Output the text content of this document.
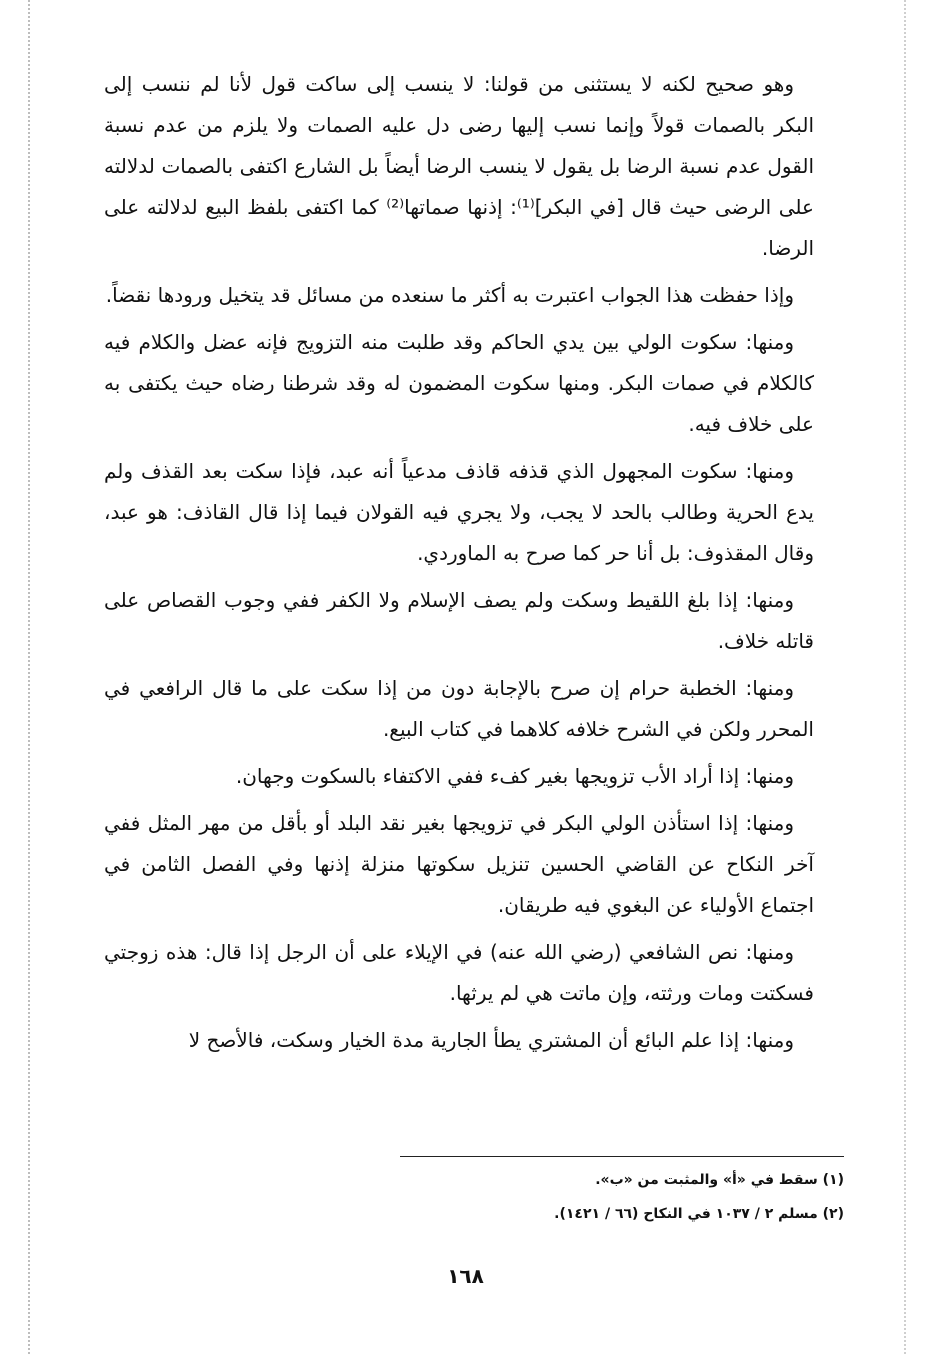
وهو صحيح لكنه لا يستثنى من قولنا: لا ينسب إلى ساكت قول لأنا لم ننسب إلى البكر بالصمات قولاً وإنما نسب إليها رضى دل عليه الصمات ولا يلزم من عدم نسبة القول عدم نسبة الرضا بل يقول لا ينسب الرضا أيضاً بل الشارع اكتفى بالصمات لدلالته على الرضى حيث قال [في البكر]⁽¹⁾: إذنها صماتها⁽²⁾ كما اكتفى بلفظ البيع لدلالته على الرضا.

وإذا حفظت هذا الجواب اعتبرت به أكثر ما سنعده من مسائل قد يتخيل ورودها نقضاً.

ومنها: سكوت الولي بين يدي الحاكم وقد طلبت منه التزويج فإنه عضل والكلام فيه كالكلام في صمات البكر. ومنها سكوت المضمون له وقد شرطنا رضاه حيث يكتفى به على خلاف فيه.

ومنها: سكوت المجهول الذي قذفه قاذف مدعياً أنه عبد، فإذا سكت بعد القذف ولم يدع الحرية وطالب بالحد لا يجب، ولا يجري فيه القولان فيما إذا قال القاذف: هو عبد، وقال المقذوف: بل أنا حر كما صرح به الماوردي.

ومنها: إذا بلغ اللقيط وسكت ولم يصف الإسلام ولا الكفر ففي وجوب القصاص على قاتله خلاف.

ومنها: الخطبة حرام إن صرح بالإجابة دون من إذا سكت على ما قال الرافعي في المحرر ولكن في الشرح خلافه كلاهما في كتاب البيع.

ومنها: إذا أراد الأب تزويجها بغير كفء ففي الاكتفاء بالسكوت وجهان.

ومنها: إذا استأذن الولي البكر في تزويجها بغير نقد البلد أو بأقل من مهر المثل ففي آخر النكاح عن القاضي الحسين تنزيل سكوتها منزلة إذنها وفي الفصل الثامن في اجتماع الأولياء عن البغوي فيه طريقان.

ومنها: نص الشافعي (رضي الله عنه) في الإيلاء على أن الرجل إذا قال: هذه زوجتي فسكتت ومات ورثته، وإن ماتت هي لم يرثها.

ومنها: إذا علم البائع أن المشتري يطأ الجارية مدة الخيار وسكت، فالأصح لا

(١) سقط في «أ» والمثبت من «ب».

(٢) مسلم ٢ / ١٠٣٧ في النكاح (٦٦ / ١٤٢١).

١٦٨
